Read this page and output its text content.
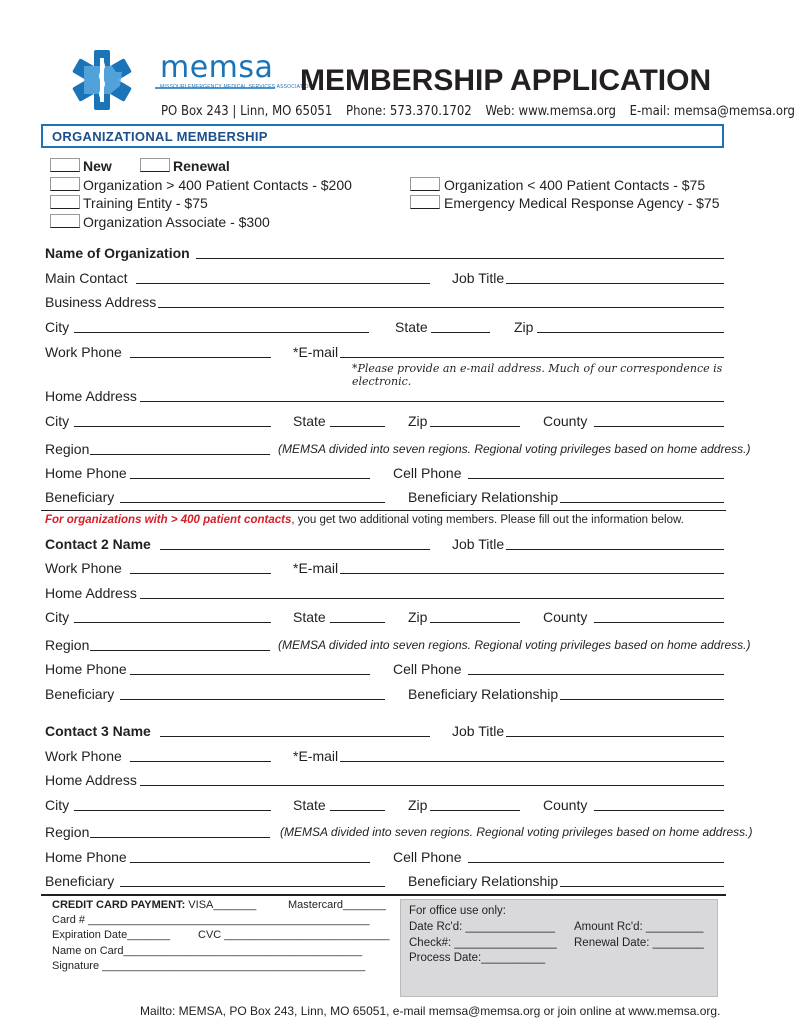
memsa
MISSOURI EMERGENCY MEDICAL SERVICES ASSOCIATION
MEMBERSHIP APPLICATION
PO Box 243 | Linn, MO 65051 Phone: 573.370.1702 Web: www.memsa.org E-mail: memsa@memsa.org
ORGANIZATIONAL MEMBERSHIP
New	Renewal
Organization > 400 Patient Contacts - $200
Training Entity - $75
Organization Associate - $300
Organization < 400 Patient Contacts - $75
Emergency Medical Response Agency - $75
Name of Organization
Main Contact	Job Title
Business Address
City	State	Zip
Work Phone	*E-mail
*Please provide an e-mail address. Much of our correspondence is electronic.
Home Address
City	State	Zip	County
Region	(MEMSA divided into seven regions. Regional voting privileges based on home address.)
Home Phone	Cell Phone
Beneficiary	Beneficiary Relationship
For organizations with > 400 patient contacts, you get two additional voting members. Please fill out the information below.
Contact 2 Name	Job Title
Work Phone	*E-mail
Home Address
City	State	Zip	County
Region	(MEMSA divided into seven regions. Regional voting privileges based on home address.)
Home Phone	Cell Phone
Beneficiary	Beneficiary Relationship
Contact 3 Name	Job Title
Work Phone	*E-mail
Home Address
City	State	Zip	County
Region	(MEMSA divided into seven regions. Regional voting privileges based on home address.)
Home Phone	Cell Phone
Beneficiary	Beneficiary Relationship
CREDIT CARD PAYMENT: VISA_______	Mastercard_______
Card # ______________________________________________
Expiration Date_______	CVC ___________________________
Name on Card_______________________________________
Signature ___________________________________________
For office use only:
Date Rc'd: ______________ Amount Rc'd: _________
Check#: ________________ Renewal Date: ________
Process Date:__________
Mailto: MEMSA, PO Box 243, Linn, MO 65051, e-mail memsa@memsa.org or join online at www.memsa.org.
